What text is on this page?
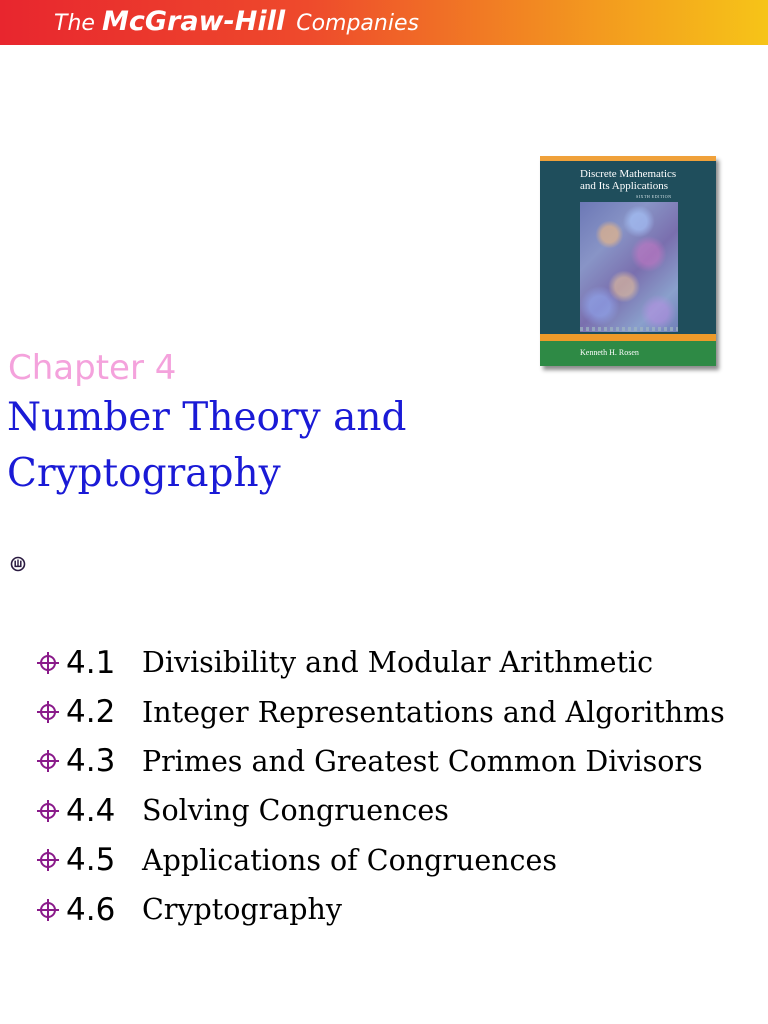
The McGraw-Hill Companies
Discrete Mathematics
and Its Applications
SIXTH EDITION
Kenneth H. Rosen
Chapter 4
Number Theory and
Cryptography
4.1 Divisibility and Modular Arithmetic
4.2 Integer Representations and Algorithms
4.3 Primes and Greatest Common Divisors
4.4 Solving Congruences
4.5 Applications of Congruences
4.6 Cryptography
